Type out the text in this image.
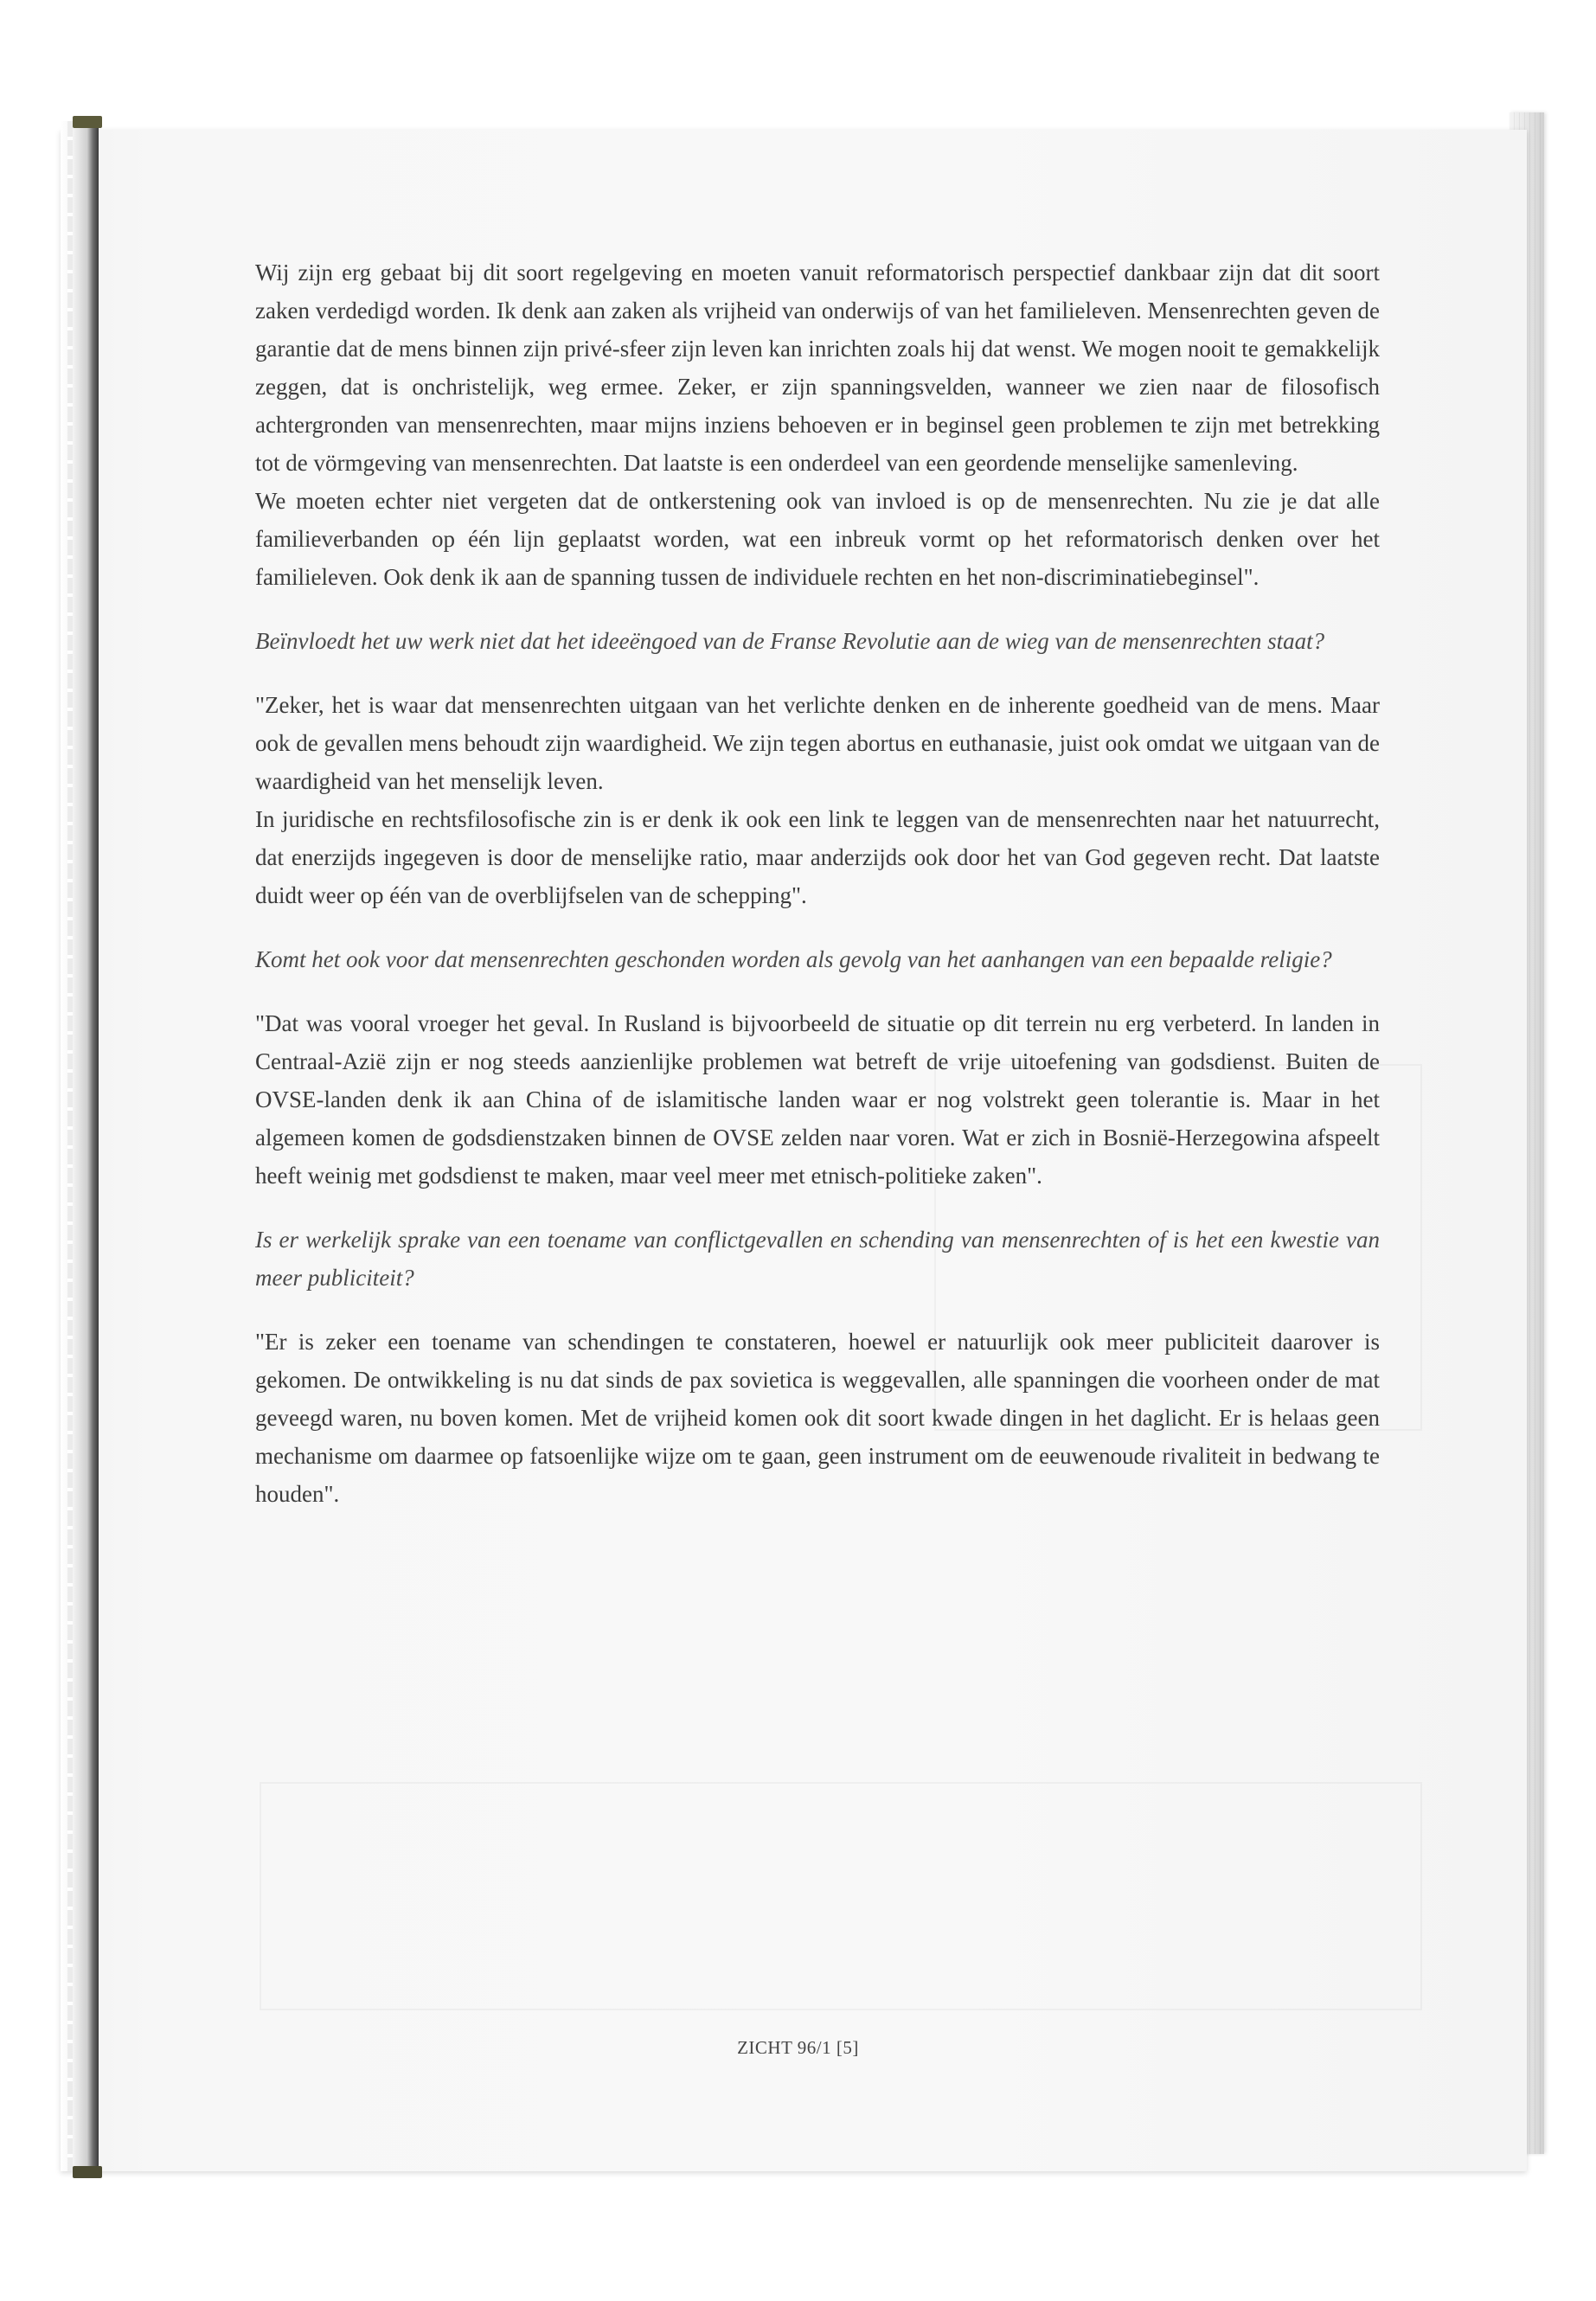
Wij zijn erg gebaat bij dit soort regelgeving en moeten vanuit reformatorisch perspectief dankbaar zijn dat dit soort zaken verdedigd worden. Ik denk aan zaken als vrijheid van onderwijs of van het familieleven. Mensenrechten geven de garantie dat de mens binnen zijn privé-sfeer zijn leven kan inrichten zoals hij dat wenst. We mogen nooit te gemakkelijk zeggen, dat is onchristelijk, weg ermee. Zeker, er zijn spanningsvelden, wanneer we zien naar de filosofisch achtergronden van mensenrechten, maar mijns inziens behoeven er in beginsel geen problemen te zijn met betrekking tot de vörmgeving van mensenrechten. Dat laatste is een onderdeel van een geordende menselijke samenleving.

We moeten echter niet vergeten dat de ontkerstening ook van invloed is op de mensenrechten. Nu zie je dat alle familieverbanden op één lijn geplaatst worden, wat een inbreuk vormt op het reformatorisch denken over het familieleven. Ook denk ik aan de spanning tussen de individuele rechten en het non-discriminatiebeginsel".

Beïnvloedt het uw werk niet dat het ideeëngoed van de Franse Revolutie aan de wieg van de mensenrechten staat?

"Zeker, het is waar dat mensenrechten uitgaan van het verlichte denken en de inherente goedheid van de mens. Maar ook de gevallen mens behoudt zijn waardigheid. We zijn tegen abortus en euthanasie, juist ook omdat we uitgaan van de waardigheid van het menselijk leven.

In juridische en rechtsfilosofische zin is er denk ik ook een link te leggen van de mensenrechten naar het natuurrecht, dat enerzijds ingegeven is door de menselijke ratio, maar anderzijds ook door het van God gegeven recht. Dat laatste duidt weer op één van de overblijfselen van de schepping".

Komt het ook voor dat mensenrechten geschonden worden als gevolg van het aanhangen van een bepaalde religie?

"Dat was vooral vroeger het geval. In Rusland is bijvoorbeeld de situatie op dit terrein nu erg verbeterd. In landen in Centraal-Azië zijn er nog steeds aanzienlijke problemen wat betreft de vrije uitoefening van godsdienst. Buiten de OVSE-landen denk ik aan China of de islamitische landen waar er nog volstrekt geen tolerantie is. Maar in het algemeen komen de godsdienstzaken binnen de OVSE zelden naar voren. Wat er zich in Bosnië-Herzegowina afspeelt heeft weinig met godsdienst te maken, maar veel meer met etnisch-politieke zaken".

Is er werkelijk sprake van een toename van conflictgevallen en schending van mensenrechten of is het een kwestie van meer publiciteit?

"Er is zeker een toename van schendingen te constateren, hoewel er natuurlijk ook meer publiciteit daarover is gekomen. De ontwikkeling is nu dat sinds de pax sovietica is weggevallen, alle spanningen die voorheen onder de mat geveegd waren, nu boven komen. Met de vrijheid komen ook dit soort kwade dingen in het daglicht. Er is helaas geen mechanisme om daarmee op fatsoenlijke wijze om te gaan, geen instrument om de eeuwenoude rivaliteit in bedwang te houden".

ZICHT 96/1 [5]
